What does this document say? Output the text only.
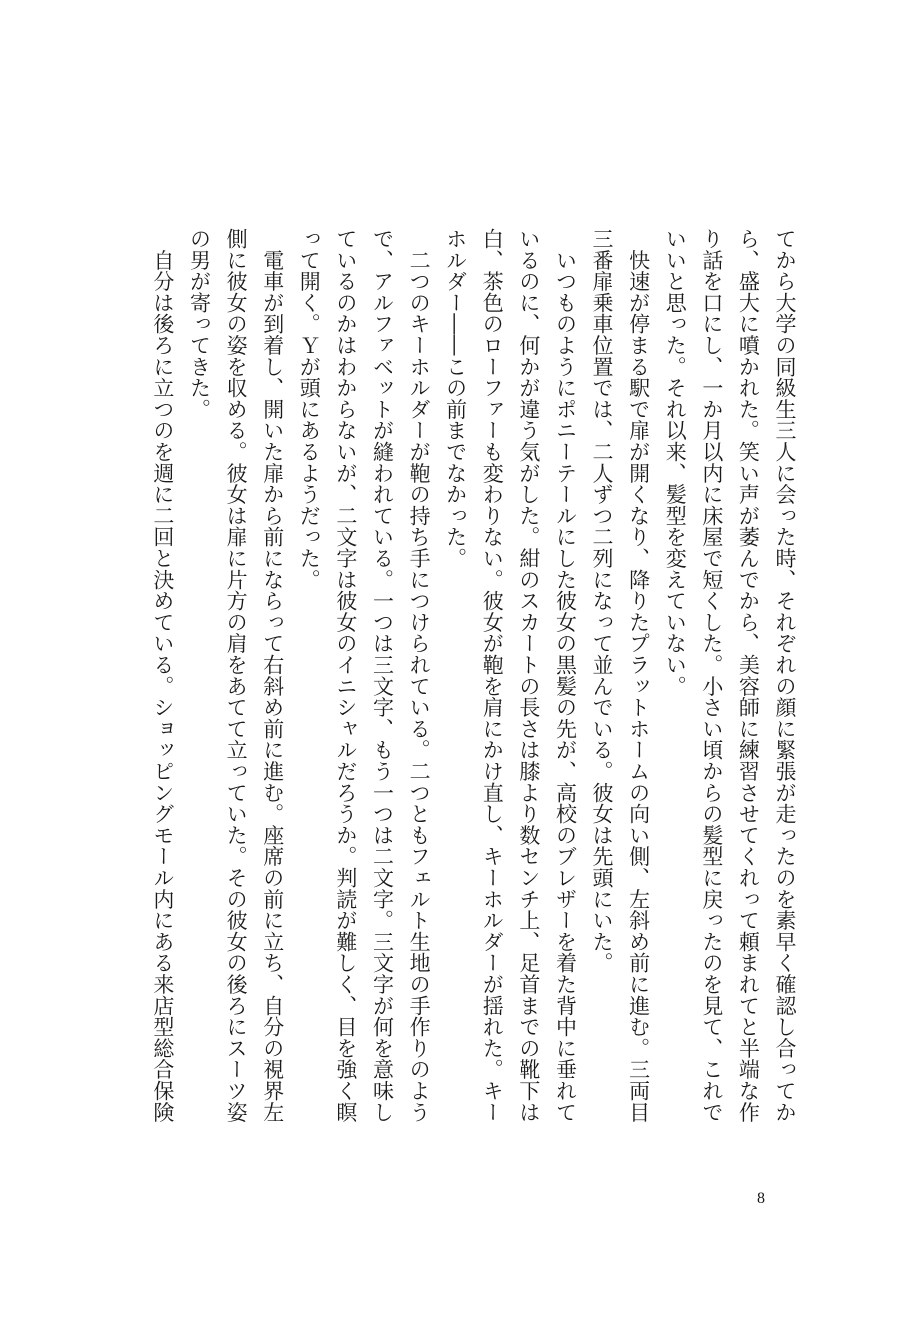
てから大学の同級生三人に会った時、それぞれの顔に緊張が走ったのを素早く確認し合ってか

ら、盛大に噴かれた。笑い声が萎んでから、美容師に練習させてくれって頼まれてと半端な作

り話を口にし、一か月以内に床屋で短くした。小さい頃からの髪型に戻ったのを見て、これで

いいと思った。それ以来、髪型を変えていない。

　快速が停まる駅で扉が開くなり、降りたプラットホームの向い側、左斜め前に進む。三両目

三番扉乗車位置では、二人ずつ二列になって並んでいる。彼女は先頭にいた。

　いつものようにポニーテールにした彼女の黒髪の先が、高校のブレザーを着た背中に垂れて

いるのに、何かが違う気がした。紺のスカートの長さは膝より数センチ上、足首までの靴下は

白、茶色のローファーも変わりない。彼女が鞄を肩にかけ直し、キーホルダーが揺れた。キー

ホルダー――この前までなかった。

　二つのキーホルダーが鞄の持ち手につけられている。二つともフェルト生地の手作りのよう

で、アルファベットが縫われている。一つは三文字、もう一つは二文字。三文字が何を意味し

ているのかはわからないが、二文字は彼女のイニシャルだろうか。判読が難しく、目を強く瞑

って開く。Ｙが頭にあるようだった。

　電車が到着し、開いた扉から前にならって右斜め前に進む。座席の前に立ち、自分の視界左

側に彼女の姿を収める。彼女は扉に片方の肩をあてて立っていた。その彼女の後ろにスーツ姿

の男が寄ってきた。

　自分は後ろに立つのを週に二回と決めている。ショッピングモール内にある来店型総合保険

8
